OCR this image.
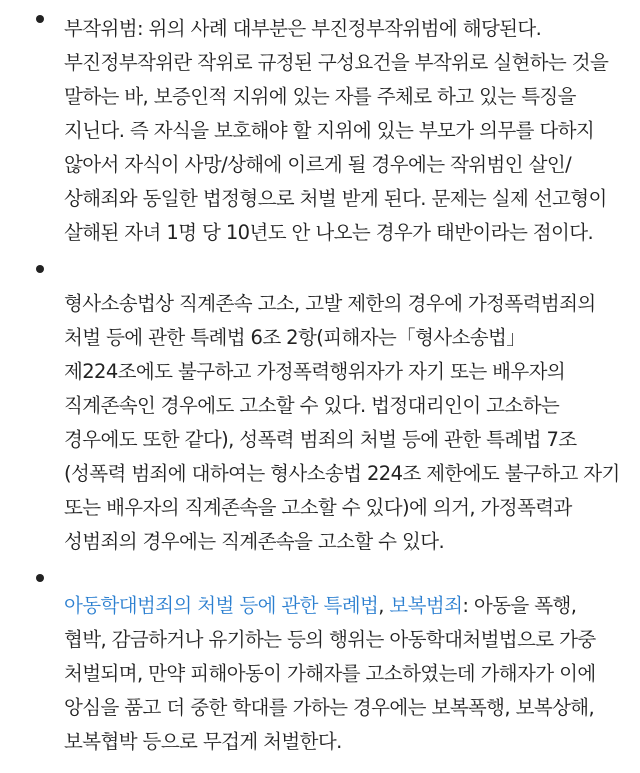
부작위범: 위의 사례 대부분은 부진정부작위범에 해당된다. 부진정부작위란 작위로 규정된 구성요건을 부작위로 실현하는 것을 말하는 바, 보증인적 지위에 있는 자를 주체로 하고 있는 특징을 지닌다. 즉 자식을 보호해야 할 지위에 있는 부모가 의무를 다하지 않아서 자식이 사망/상해에 이르게 될 경우에는 작위범인 살인/상해죄와 동일한 법정형으로 처벌 받게 된다. 문제는 실제 선고형이 살해된 자녀 1명 당 10년도 안 나오는 경우가 태반이라는 점이다.
형사소송법상 직계존속 고소, 고발 제한의 경우에 가정폭력범죄의 처벌 등에 관한 특례법 6조 2항(피해자는「형사소송법」 제224조에도 불구하고 가정폭력행위자가 자기 또는 배우자의 직계존속인 경우에도 고소할 수 있다. 법정대리인이 고소하는 경우에도 또한 같다), 성폭력 범죄의 처벌 등에 관한 특례법 7조(성폭력 범죄에 대하여는 형사소송법 224조 제한에도 불구하고 자기 또는 배우자의 직계존속을 고소할 수 있다)에 의거, 가정폭력과 성범죄의 경우에는 직계존속을 고소할 수 있다.
아동학대범죄의 처벌 등에 관한 특례법, 보복범죄: 아동을 폭행, 협박, 감금하거나 유기하는 등의 행위는 아동학대처벌법으로 가중 처벌되며, 만약 피해아동이 가해자를 고소하였는데 가해자가 이에 앙심을 품고 더 중한 학대를 가하는 경우에는 보복폭행, 보복상해, 보복협박 등으로 무겁게 처벌한다.
